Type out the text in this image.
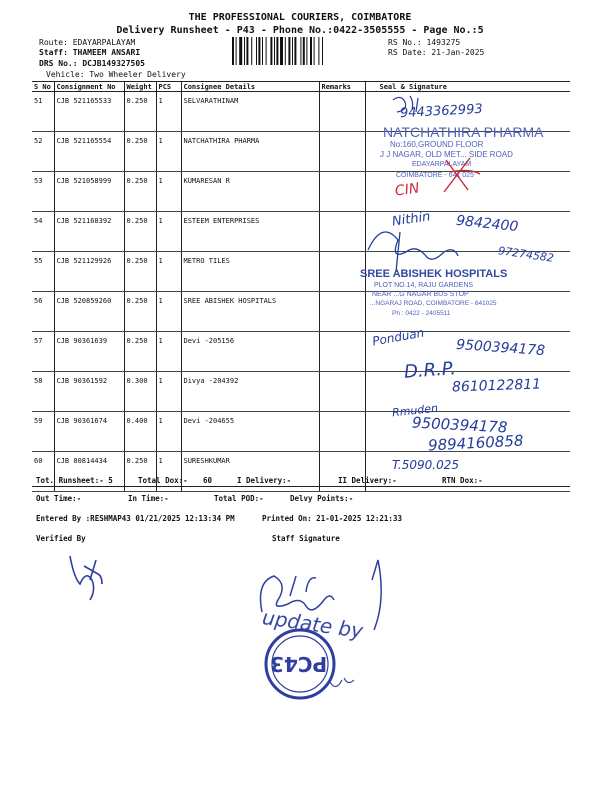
THE PROFESSIONAL COURIERS, COIMBATORE
Delivery Runsheet - P43 - Phone No.:0422-3505555 - Page No.:5
Route: EDAYARPALAYAM
Staff: THAMEEM ANSARI
DRS No.: DCJB149327505
Vehicle: Two Wheeler Delivery
RS No.: 1493275
RS Date: 21-Jan-2025
S No	Consignment No	Weight	PCS	Consignee Details	Remarks	Seal & Signature
51	CJB 521165533	0.250	1	SELVARATHINAM		
52	CJB 521165554	0.250	1	NATCHATHIRA PHARMA		
53	CJB 521058999	0.250	1	KUMARESAN R		
54	CJB 521168392	0.250	1	ESTEEM ENTERPRISES		
55	CJB 521129926	0.250	1	METRO TILES		
56	CJB 520859260	0.250	1	SREE ABISHEK HOSPITALS		
57	CJB 90361639	0.250	1	Devi -205156		
58	CJB 90361592	0.300	1	Divya -204392		
59	CJB 90361674	0.400	1	Devi -204655		
60	CJB 80814434	0.250	1	SURESHKUMAR		
Tot. Runsheet:- 5	Total Dox:- 60	I Delivery:-	II Delivery:-	RTN Dox:-
Out Time:-	In Time:-	Total POD:-	Delvy Points:-
Entered By :RESHMAP43 01/21/2025 12:13:34 PM	Printed On: 21-01-2025 12:21:33
Verified By	Staff Signature
NATCHATHIRA PHARMA
No:160,GROUND FLOOR
J J NAGAR, OLD MET... SIDE ROAD
EDAYARPALAYAM
COIMBATORE - 641 025
SREE ABISHEK HOSPITALS
PLOT NO.14, RAJU GARDENS
NEAR ...G NAGAR BUS STOP
...NGARAJ ROAD, COIMBATORE - 641025
Ph : 0422 - 2405511
9443362993
CIN
Nithin 9842400
97274582
Ponduan 9500394178
D.R.P.
8610122811
Rmuden
9500394178
9894160858
T.5090.025
update by
PC43
